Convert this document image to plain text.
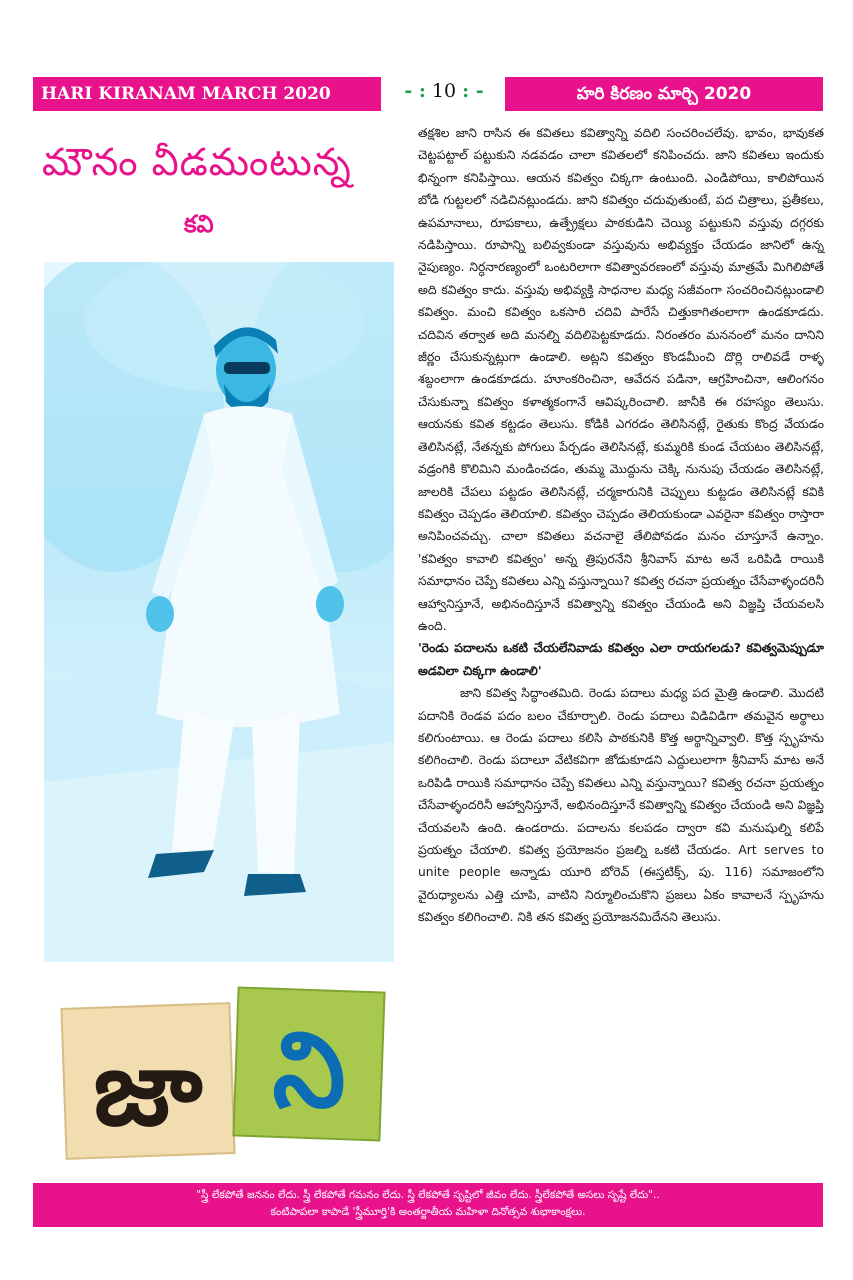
HARI KIRANAM MARCH 2020	- : 10 : -	హరి కిరణం మార్చి 2020
మౌనం వీడమంటున్న
కవి
జా ని

తక్షశిల జాని రాసిన ఈ కవితలు కవిత్వాన్ని వదిలి సంచరించలేవు. భావం, భావుకత చెట్టపట్టాల్ పట్టుకుని నడవడం చాలా కవితలలో కనిపించదు. జాని కవితలు ఇందుకు భిన్నంగా కనిపిస్తాయి. ఆయన కవిత్వం చిక్కగా ఉంటుంది. ఎండిపోయి, కాలిపోయిన బోడి గుట్టలలో నడిచినట్లుండదు. జాని కవిత్వం చదువుతుంటే, పద చిత్రాలు, ప్రతీకలు, ఉపమానాలు, రూపకాలు, ఉత్ప్రేక్షలు పాఠకుడిని చెయ్యి పట్టుకుని వస్తువు దగ్గరకు నడిపిస్తాయి. రూపాన్ని బలివ్వకుండా వస్తువును అభివ్యక్తం చేయడం జానిలో ఉన్న నైపుణ్యం. నిర్ధనారణ్యంలో ఒంటరిలాగా కవిత్వావరణంలో వస్తువు మాత్రమే మిగిలిపోతే అది కవిత్వం కాదు. వస్తువు అభివ్యక్తి సాధనాల మధ్య సజీవంగా సంచరించినట్లుండాలి కవిత్వం. మంచి కవిత్వం ఒకసారి చదివి పారేసే చిత్తుకాగితంలాగా ఉండకూడదు. చదివిన తర్వాత అది మనల్ని వదిలిపెట్టకూడదు. నిరంతరం మననంలో మనం దానిని జీర్ణం చేసుకున్నట్లుగా ఉండాలి. అట్లని కవిత్వం కొండమీంచి దొర్లి రాలివడే రాళ్ళ శబ్దంలాగా ఉండకూడదు. హూంకరించినా, ఆవేదన పడినా, ఆగ్రహించినా, ఆలింగనం చేసుకున్నా కవిత్వం కళాత్మకంగానే ఆవిష్కరించాలి. జానీకి ఈ రహస్యం తెలుసు. ఆయనకు కవిత కట్టడం తెలుసు. కోడికి ఎగరడం తెలిసినట్లే, రైతుకు కొంద్ర వేయడం తెలిసినట్లే, నేతన్నకు పోగులు పేర్చడం తెలిసినట్లే, కుమ్మరికి కుండ చేయటం తెలిసినట్లే, వడ్రంగికి కొలిమిని మండించడం, తుమ్మ మొద్దును చెక్కి నునుపు చేయడం తెలిసినట్లే, జాలరికి చేపలు పట్టడం తెలిసినట్లే, చర్మకారునికి చెప్పులు కుట్టడం తెలిసినట్లే కవికి కవిత్వం చెప్పడం తెలియాలి. కవిత్వం చెప్పడం తెలియకుండా ఎవరైనా కవిత్వం రాస్తారా అనిపించవచ్చు. చాలా కవితలు వచనాలై తేలిపోవడం మనం చూస్తూనే ఉన్నాం. 'కవిత్వం కావాలి కవిత్వం' అన్న త్రిపురనేని శ్రీనివాస్ మాట అనే ఒరిపిడి రాయికి సమాధానం చెప్పే కవితలు ఎన్ని వస్తున్నాయి? కవిత్వ రచనా ప్రయత్నం చేసేవాళ్ళందరినీ ఆహ్వానిస్తూనే, అభినందిస్తూనే కవిత్వాన్ని కవిత్వం చేయండి అని విజ్ఞప్తి చేయవలసి ఉంది.

'రెండు పదాలను ఒకటి చేయలేనివాడు కవిత్వం ఎలా రాయగలడు? కవిత్వమెప్పుడూ అడవిలా చిక్కగా ఉండాలి'

జాని కవిత్వ సిద్ధాంతమిది. రెండు పదాలు మధ్య పద మైత్రి ఉండాలి. మొదటి పదానికి రెండవ పదం బలం చేకూర్చాలి. రెండు పదాలు విడివిడిగా తమవైన అర్థాలు కలిగుంటాయి. ఆ రెండు పదాలు కలిసి పాఠకునికి కొత్త అర్థాన్నివ్వాలి. కొత్త స్పృహను కలిగించాలి. రెండు పదాలూ వేటికవిగా జోడుకూడని ఎద్దులులాగా శ్రీనివాస్ మాట అనే ఒరిపిడి రాయికి సమాధానం చెప్పే కవితలు ఎన్ని వస్తున్నాయి? కవిత్వ రచనా ప్రయత్నం చేసేవాళ్ళందరినీ ఆహ్వానిస్తూనే, అభినందిస్తూనే కవిత్వాన్ని కవిత్వం చేయండి అని విజ్ఞప్తి చేయవలసి ఉంది. ఉండరాదు. పదాలను కలపడం ద్వారా కవి మనుషుల్ని కలిపే ప్రయత్నం చేయాలి. కవిత్వ ప్రయోజనం ప్రజల్ని ఒకటి చేయడం. Art serves to unite people అన్నాడు యూరి బోరెవ్ (ఈస్తటిక్స్, పు. 116) సమాజంలోని వైరుధ్యాలను ఎత్తి చూపి, వాటిని నిర్మూలించుకొని ప్రజలు ఏకం కావాలనే స్పృహను కవిత్వం కలిగించాలి. నికి తన కవిత్వ ప్రయోజనమిదేనని తెలుసు.

"స్త్రీ లేకపోతే జననం లేదు. స్త్రీ లేకపోతే గమనం లేదు. స్త్రీ లేకపోతే సృష్టిలో జీవం లేదు. స్త్రీలేకపోతే అసలు సృష్టే లేదు"..
కంటిపాపలా కాపాడే 'స్త్రీమూర్తి'కి అంతర్జాతీయ మహిళా దినోత్సవ శుభాకాంక్షలు.
